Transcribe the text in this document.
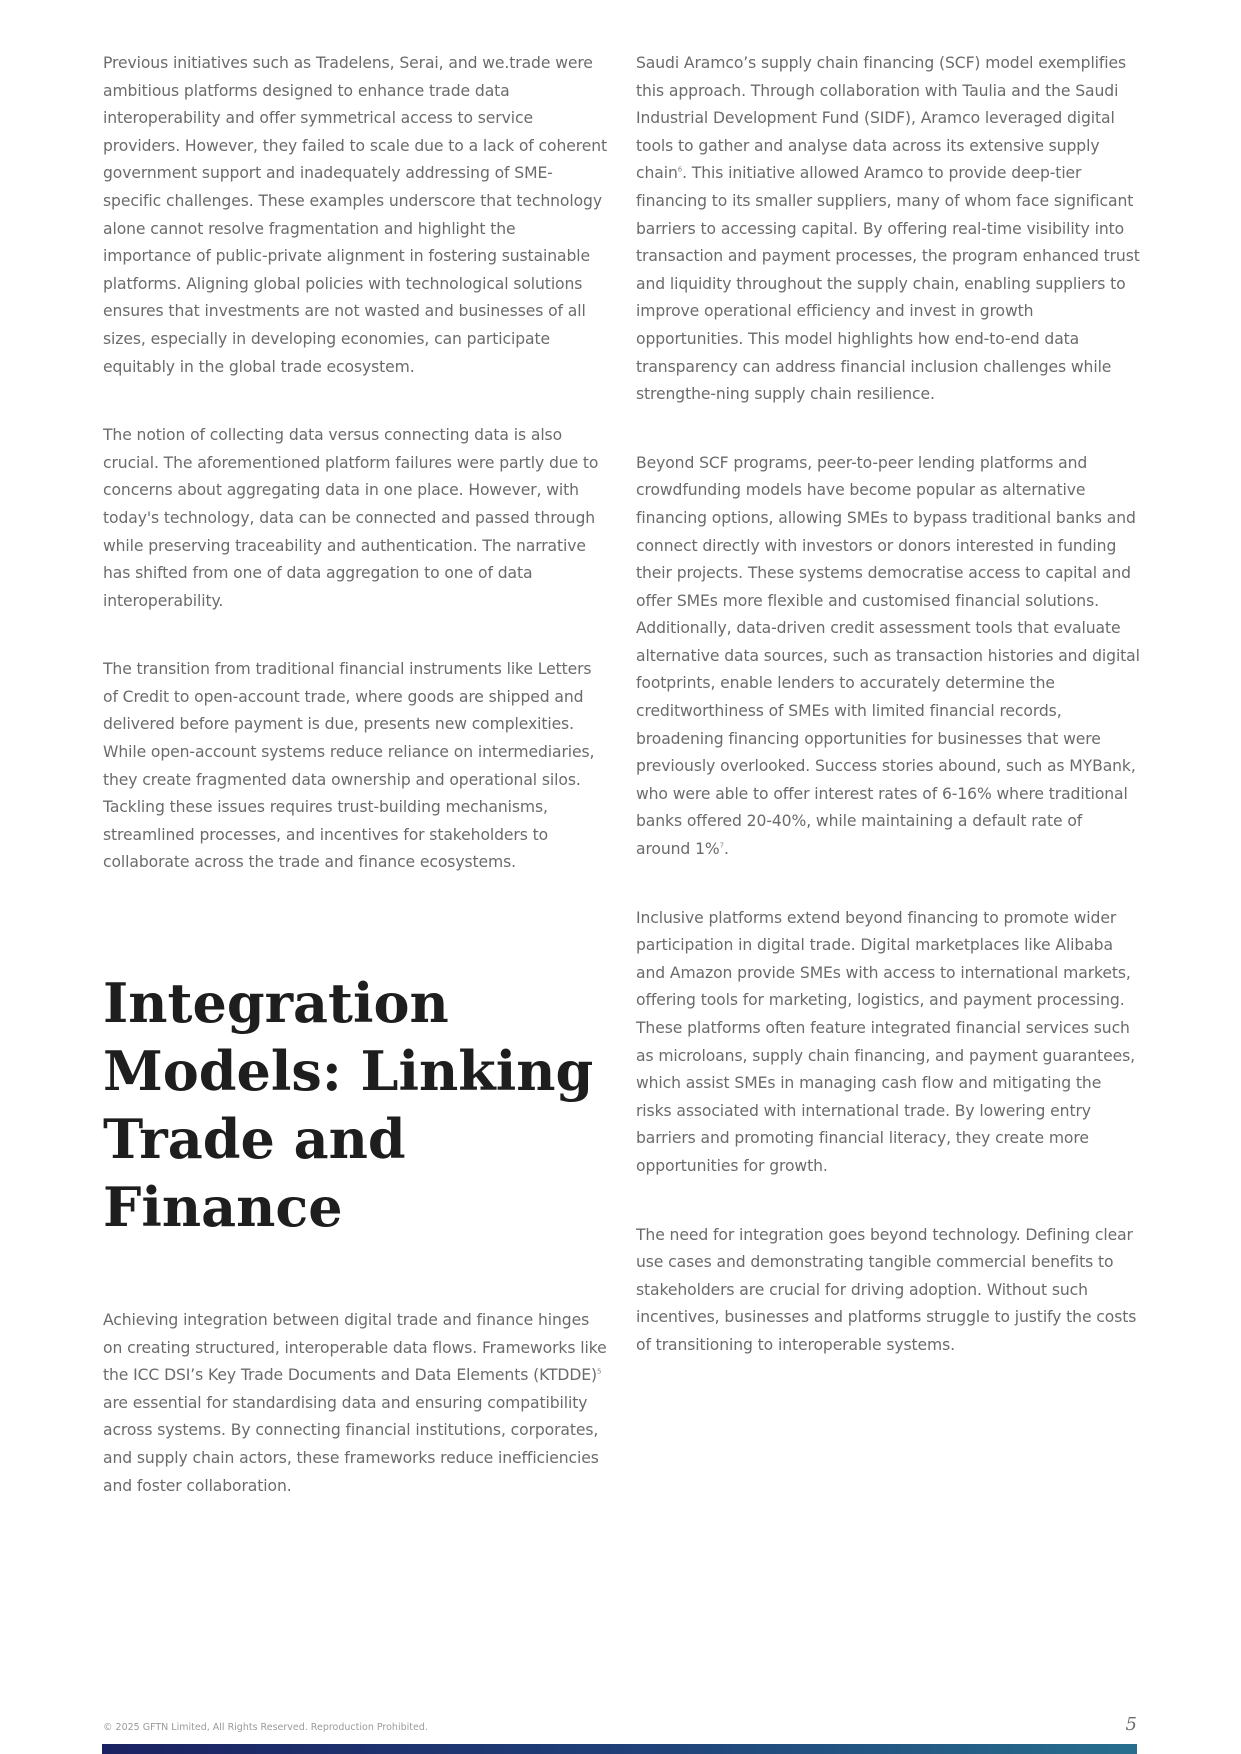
Previous initiatives such as Tradelens, Serai, and we.trade were ambitious platforms designed to enhance trade data interoperability and offer symmetrical access to service providers. However, they failed to scale due to a lack of coherent government support and inadequately addressing of SME-specific challenges. These examples underscore that technology alone cannot resolve fragmentation and highlight the importance of public-private alignment in fostering sustainable platforms. Aligning global policies with technological solutions ensures that investments are not wasted and businesses of all sizes, especially in developing economies, can participate equitably in the global trade ecosystem.

The notion of collecting data versus connecting data is also crucial. The aforementioned platform failures were partly due to concerns about aggregating data in one place. However, with today's technology, data can be connected and passed through while preserving traceability and authentication. The narrative has shifted from one of data aggregation to one of data interoperability.

The transition from traditional financial instruments like Letters of Credit to open-account trade, where goods are shipped and delivered before payment is due, presents new complexities. While open-account systems reduce reliance on intermediaries, they create fragmented data ownership and operational silos. Tackling these issues requires trust-building mechanisms, streamlined processes, and incentives for stakeholders to collaborate across the trade and finance ecosystems.

Integration
Models: Linking
Trade and
Finance

Achieving integration between digital trade and finance hinges on creating structured, interoperable data flows. Frameworks like the ICC DSI’s Key Trade Documents and Data Elements (KTDDE)$^5$ are essential for standardising data and ensuring compatibility across systems. By connecting financial institutions, corporates, and supply chain actors, these frameworks reduce inefficiencies and foster collaboration.

Saudi Aramco’s supply chain financing (SCF) model exemplifies this approach. Through collaboration with Taulia and the Saudi Industrial Development Fund (SIDF), Aramco leveraged digital tools to gather and analyse data across its extensive supply chain$^6$. This initiative allowed Aramco to provide deep-tier financing to its smaller suppliers, many of whom face significant barriers to accessing capital. By offering real-time visibility into transaction and payment processes, the program enhanced trust and liquidity throughout the supply chain, enabling suppliers to improve operational efficiency and invest in growth opportunities. This model highlights how end-to-end data transparency can address financial inclusion challenges while strengthe-ning supply chain resilience.

Beyond SCF programs, peer-to-peer lending platforms and crowdfunding models have become popular as alternative financing options, allowing SMEs to bypass traditional banks and connect directly with investors or donors interested in funding their projects. These systems democratise access to capital and offer SMEs more flexible and customised financial solutions. Additionally, data-driven credit assessment tools that evaluate alternative data sources, such as transaction histories and digital footprints, enable lenders to accurately determine the creditworthiness of SMEs with limited financial records, broadening financing opportunities for businesses that were previously overlooked. Success stories abound, such as MYBank, who were able to offer interest rates of 6-16% where traditional banks offered 20-40%, while maintaining a default rate of around 1%$^7$.

Inclusive platforms extend beyond financing to promote wider participation in digital trade. Digital marketplaces like Alibaba and Amazon provide SMEs with access to international markets, offering tools for marketing, logistics, and payment processing. These platforms often feature integrated financial services such as microloans, supply chain financing, and payment guarantees, which assist SMEs in managing cash flow and mitigating the risks associated with international trade. By lowering entry barriers and promoting financial literacy, they create more opportunities for growth.

The need for integration goes beyond technology. Defining clear use cases and demonstrating tangible commercial benefits to stakeholders are crucial for driving adoption. Without such incentives, businesses and platforms struggle to justify the costs of transitioning to interoperable systems.

© 2025 GFTN Limited, All Rights Reserved. Reproduction Prohibited.	5
